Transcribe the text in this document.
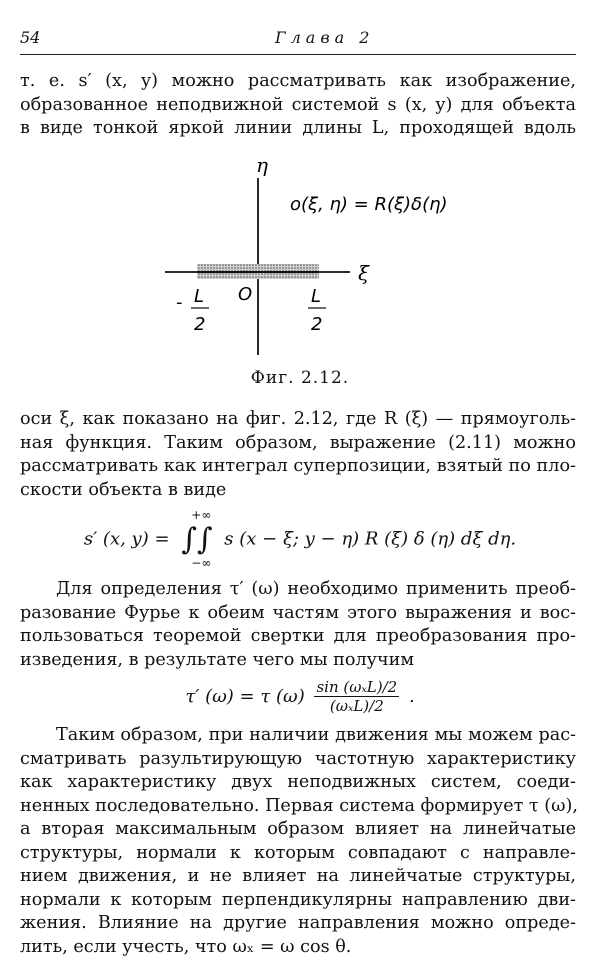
54	Глава 2
т. е. s′ (x, y) можно рассматривать как изображение,
образованное неподвижной системой s (x, y) для объекта
в виде тонкой яркой линии длины L, проходящей вдоль
η
ξ
O
o(ξ, η) = R(ξ)δ(η)
- L
2
L
2
Фиг. 2.12.
оси ξ, как показано на фиг. 2.12, где R (ξ) — прямоуголь-
ная функция. Таким образом, выражение (2.11) можно
рассматривать как интеграл суперпозиции, взятый по пло-
скости объекта в виде
s′ (x, y) =
+∞
∫∫
−∞
s (x − ξ; y − η) R (ξ) δ (η) dξ dη.
Для определения τ′ (ω) необходимо применить преоб-
разование Фурье к обеим частям этого выражения и вос-
пользоваться теоремой свертки для преобразования про-
изведения, в результате чего мы получим
τ′ (ω) = τ (ω) sin (ωₓL)/2
(ωₓL)/2	.
Таким образом, при наличии движения мы можем рас-
сматривать разультирующую частотную характеристику
как характеристику двух неподвижных систем, соеди-
ненных последовательно. Первая система формирует τ (ω),
а вторая максимальным образом влияет на линейчатые
структуры, нормали к которым совпадают с направле-
нием движения, и не влияет на линейчатые структуры,
нормали к которым перпендикулярны направлению дви-
жения. Влияние на другие направления можно опреде-
лить, если учесть, что ωₓ = ω cos θ.
